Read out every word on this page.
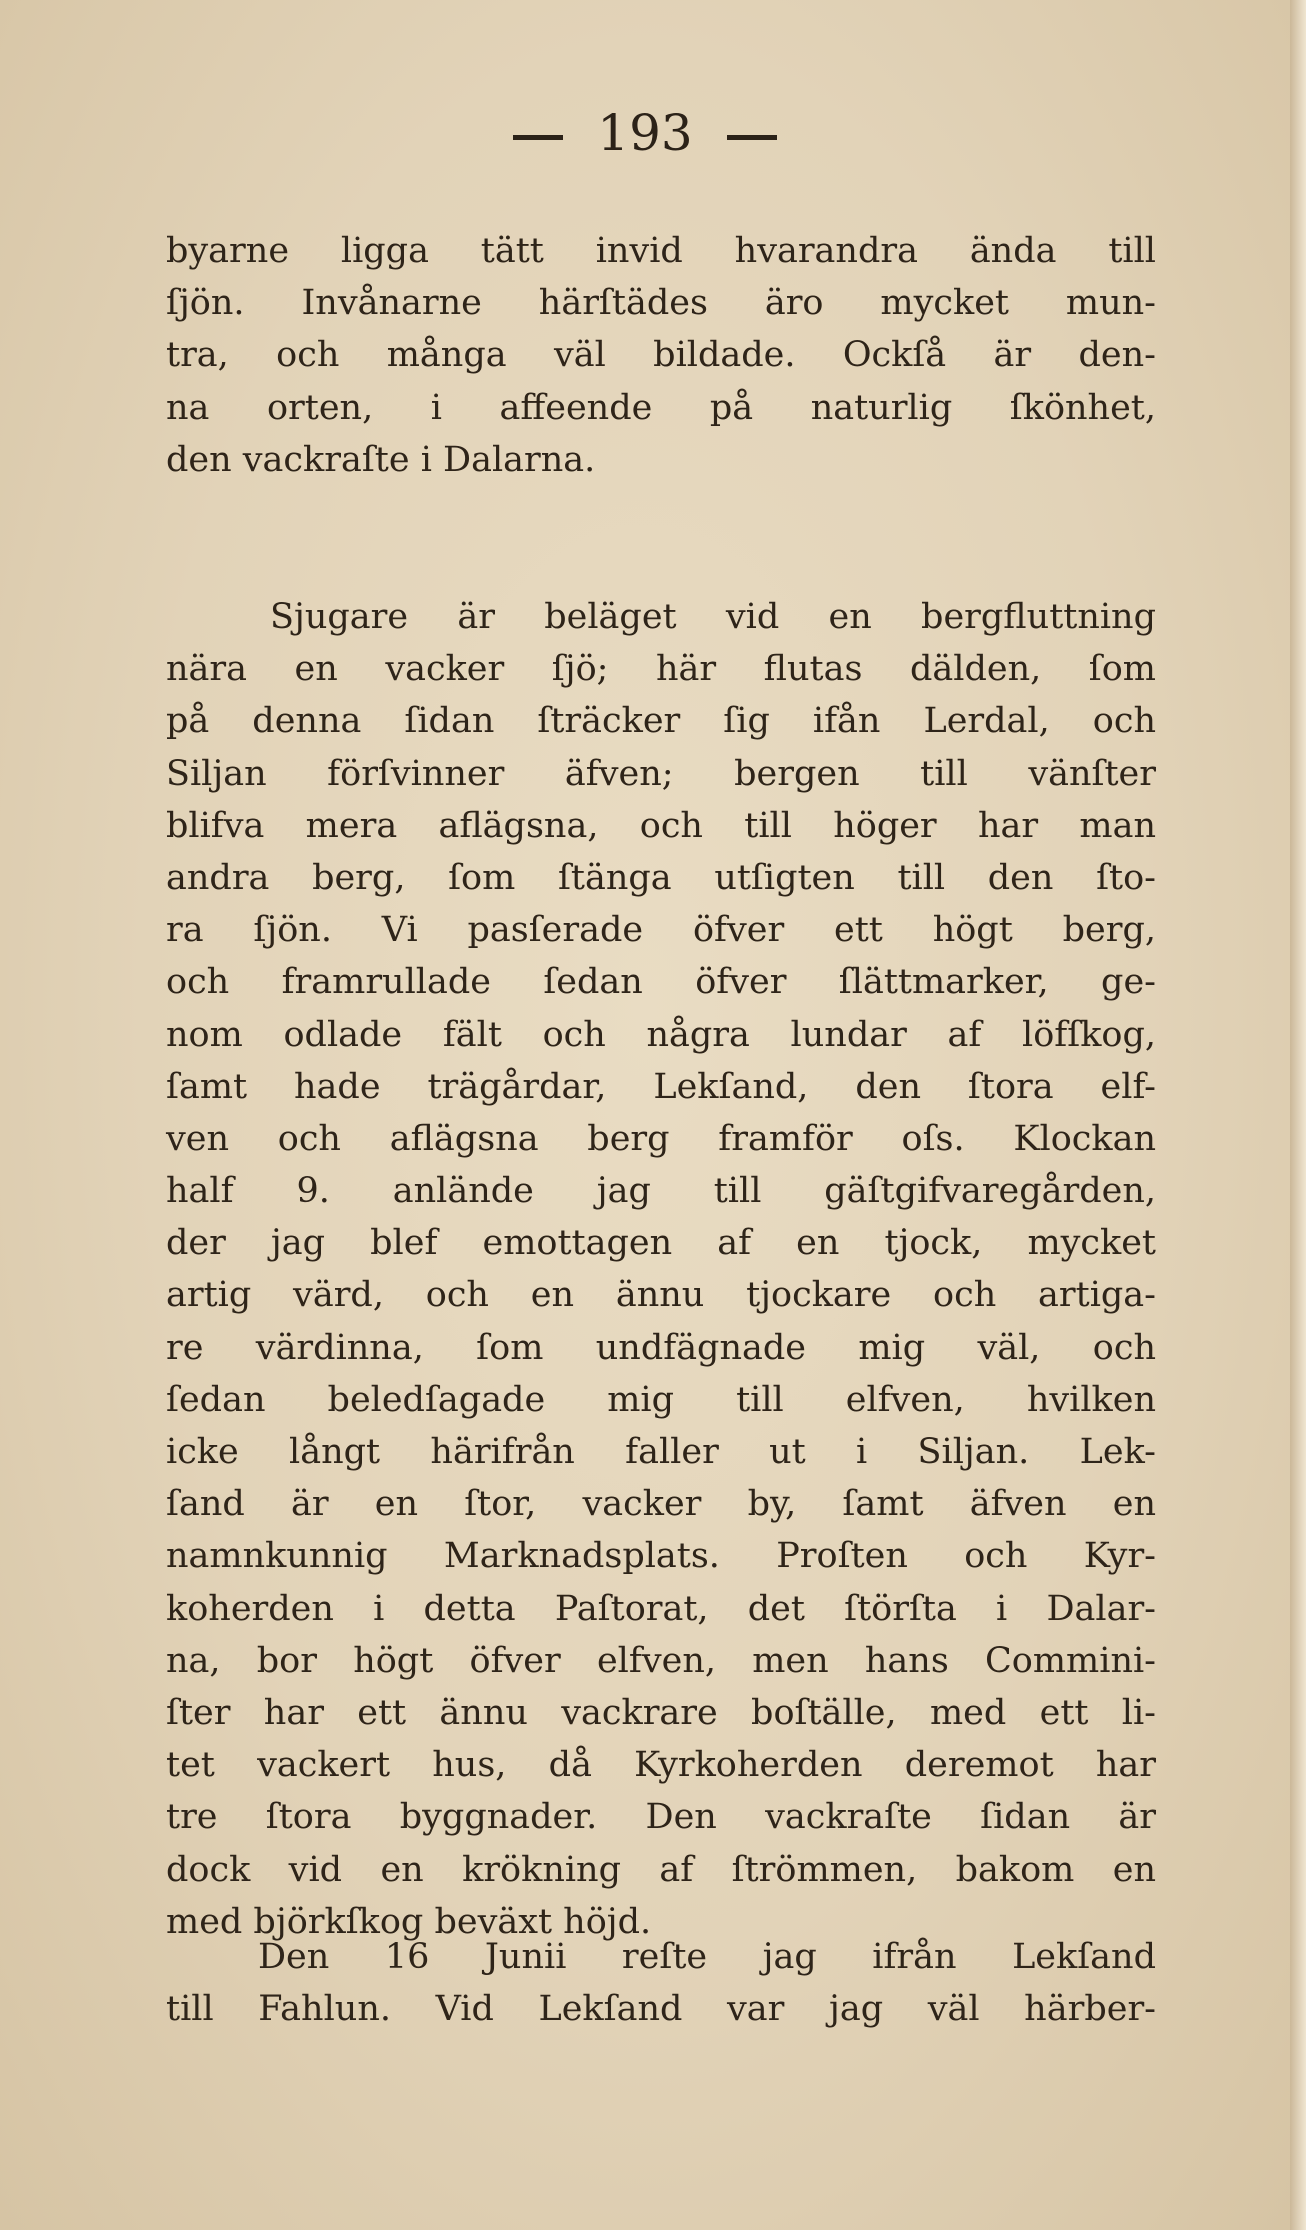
193
byarne ligga tätt invid hvarandra ända till
ſjön. Invånarne härſtädes äro mycket mun-
tra, och många väl bildade. Ockſå är den-
na orten, i affeende på naturlig ſkönhet,
den vackraſte i Dalarna.
Sjugare är beläget vid en bergfluttning
nära en vacker ſjö; här flutas dälden, ſom
på denna ſidan ſträcker ſig ifån Lerdal, och
Siljan förſvinner äfven; bergen till vänſter
blifva mera aflägsna, och till höger har man
andra berg, ſom ſtänga utſigten till den ſto-
ra ſjön. Vi pasſerade öfver ett högt berg,
och framrullade ſedan öfver ſlättmarker, ge-
nom odlade fält och några lundar af löfſkog,
ſamt hade trägårdar, Lekſand, den ſtora elf-
ven och aflägsna berg framför oſs. Klockan
half 9. anlände jag till gäſtgifvaregården,
der jag blef emottagen af en tjock, mycket
artig värd, och en ännu tjockare och artiga-
re värdinna, ſom undfägnade mig väl, och
ſedan beledſagade mig till elfven, hvilken
icke långt härifrån faller ut i Siljan. Lek-
ſand är en ſtor, vacker by, ſamt äfven en
namnkunnig Marknadsplats. Proſten och Kyr-
koherden i detta Paſtorat, det ſtörſta i Dalar-
na, bor högt öfver elfven, men hans Commini-
ſter har ett ännu vackrare boſtälle, med ett li-
tet vackert hus, då Kyrkoherden deremot har
tre ſtora byggnader. Den vackraſte ſidan är
dock vid en krökning af ſtrömmen, bakom en
med björkſkog beväxt höjd.
Den 16 Junii reſte jag ifrån Lekſand
till Fahlun. Vid Lekſand var jag väl härber-
